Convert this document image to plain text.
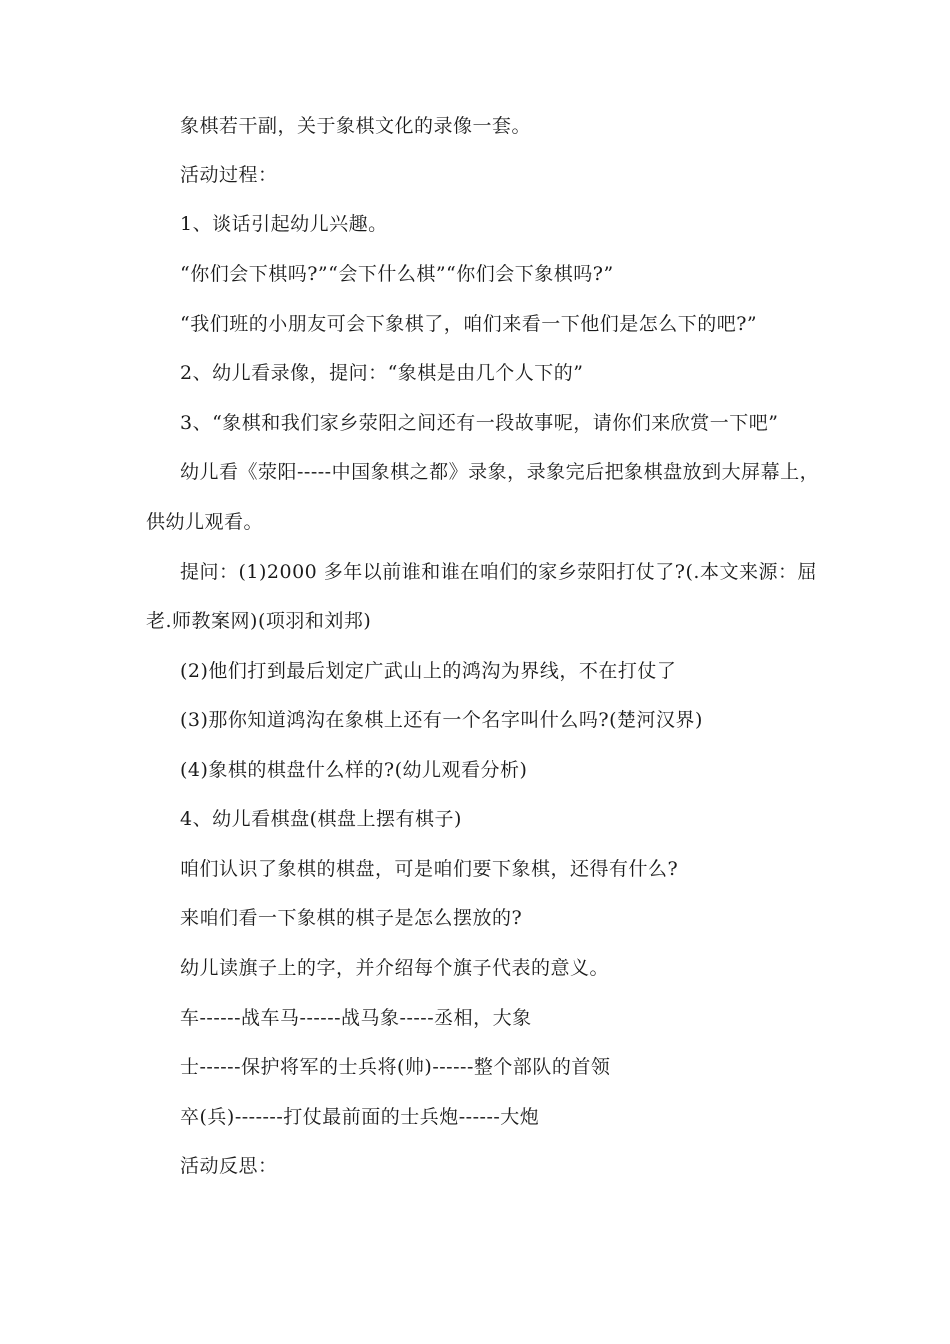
象棋若干副，关于象棋文化的录像一套。
活动过程：
1、谈话引起幼儿兴趣。
“你们会下棋吗?”“会下什么棋”“你们会下象棋吗?”
“我们班的小朋友可会下象棋了，咱们来看一下他们是怎么下的吧?”
2、幼儿看录像，提问：“象棋是由几个人下的”
3、“象棋和我们家乡荥阳之间还有一段故事呢，请你们来欣赏一下吧”
幼儿看《荥阳-----中国象棋之都》录象，录象完后把象棋盘放到大屏幕上，
供幼儿观看。
提问：(1)2000 多年以前谁和谁在咱们的家乡荥阳打仗了?(.本文来源：屈
老.师教案网)(项羽和刘邦)
(2)他们打到最后划定广武山上的鸿沟为界线，不在打仗了
(3)那你知道鸿沟在象棋上还有一个名字叫什么吗?(楚河汉界)
(4)象棋的棋盘什么样的?(幼儿观看分析)
4、幼儿看棋盘(棋盘上摆有棋子)
咱们认识了象棋的棋盘，可是咱们要下象棋，还得有什么?
来咱们看一下象棋的棋子是怎么摆放的?
幼儿读旗子上的字，并介绍每个旗子代表的意义。
车------战车马------战马象-----丞相，大象
士------保护将军的士兵将(帅)------整个部队的首领
卒(兵)-------打仗最前面的士兵炮------大炮
活动反思：
